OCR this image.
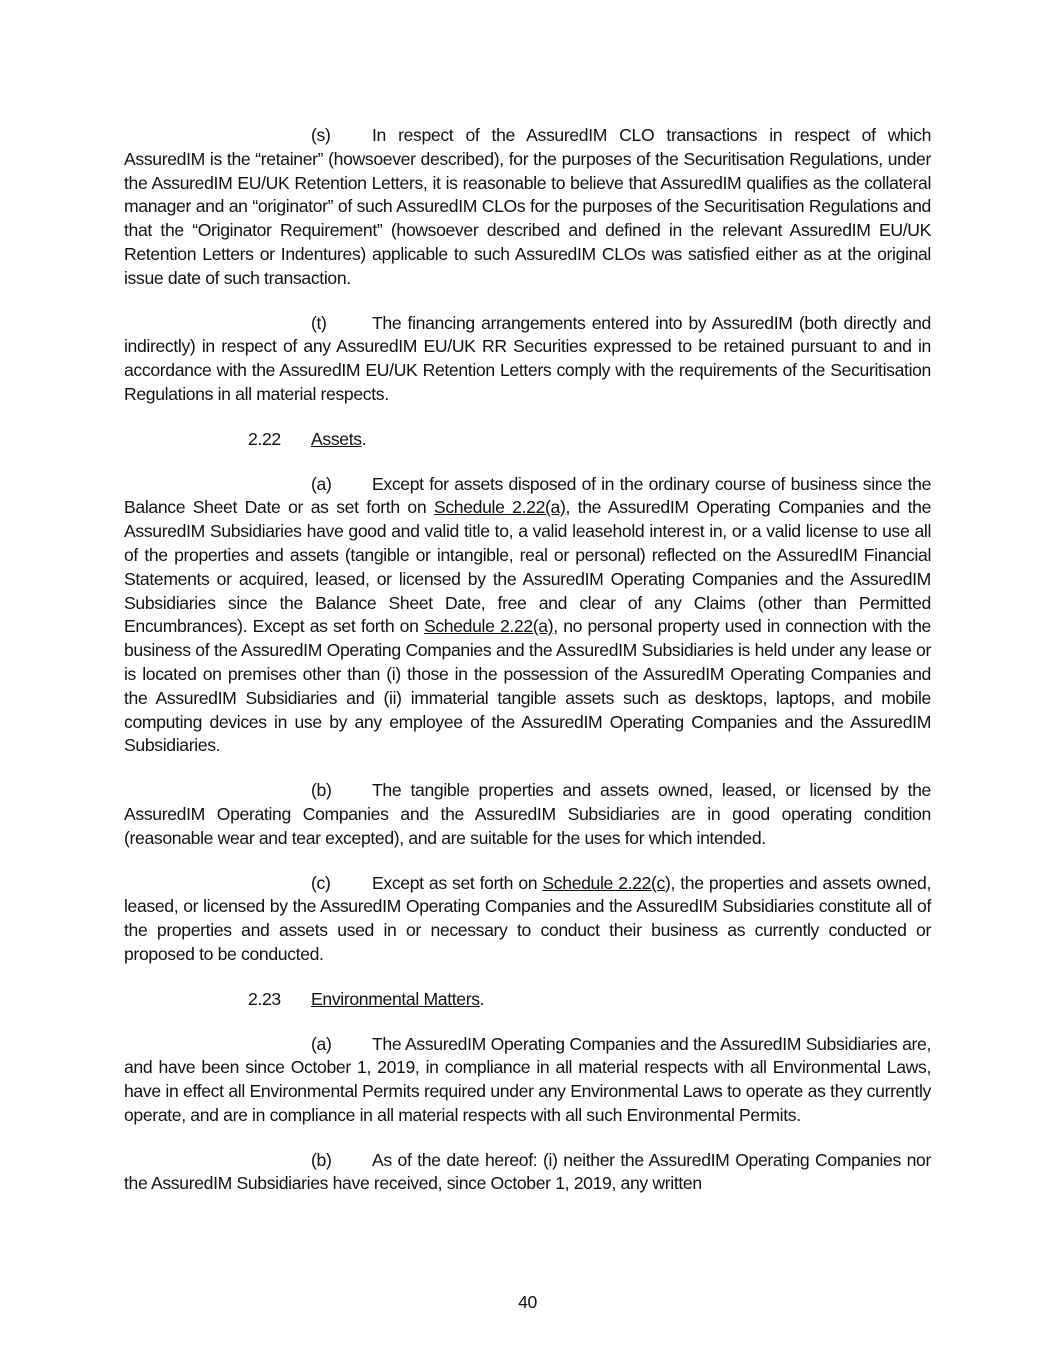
(s) In respect of the AssuredIM CLO transactions in respect of which AssuredIM is the “retainer” (howsoever described), for the purposes of the Securitisation Regulations, under the AssuredIM EU/UK Retention Letters, it is reasonable to believe that AssuredIM qualifies as the collateral manager and an “originator” of such AssuredIM CLOs for the purposes of the Securitisation Regulations and that the “Originator Requirement” (howsoever described and defined in the relevant AssuredIM EU/UK Retention Letters or Indentures) applicable to such AssuredIM CLOs was satisfied either as at the original issue date of such transaction.

(t)	The financing arrangements entered into by AssuredIM (both directly and indirectly) in respect of any AssuredIM EU/UK RR Securities expressed to be retained pursuant to and in accordance with the AssuredIM EU/UK Retention Letters comply with the requirements of the Securitisation Regulations in all material respects.

2.22 Assets.

(a) Except for assets disposed of in the ordinary course of business since the Balance Sheet Date or as set forth on Schedule 2.22(a), the AssuredIM Operating Companies and the AssuredIM Subsidiaries have good and valid title to, a valid leasehold interest in, or a valid license to use all of the properties and assets (tangible or intangible, real or personal) reflected on the AssuredIM Financial Statements or acquired, leased, or licensed by the AssuredIM Operating Companies and the AssuredIM Subsidiaries since the Balance Sheet Date, free and clear of any Claims (other than Permitted Encumbrances). Except as set forth on Schedule 2.22(a), no personal property used in connection with the business of the AssuredIM Operating Companies and the AssuredIM Subsidiaries is held under any lease or is located on premises other than (i) those in the possession of the AssuredIM Operating Companies and the AssuredIM Subsidiaries and (ii) immaterial tangible assets such as desktops, laptops, and mobile computing devices in use by any employee of the AssuredIM Operating Companies and the AssuredIM Subsidiaries.

(b) The tangible properties and assets owned, leased, or licensed by the AssuredIM Operating Companies and the AssuredIM Subsidiaries are in good operating condition (reasonable wear and tear excepted), and are suitable for the uses for which intended.

(c) Except as set forth on Schedule 2.22(c), the properties and assets owned, leased, or licensed by the AssuredIM Operating Companies and the AssuredIM Subsidiaries constitute all of the properties and assets used in or necessary to conduct their business as currently conducted or proposed to be conducted.

2.23 Environmental Matters.

(a) The AssuredIM Operating Companies and the AssuredIM Subsidiaries are, and have been since October 1, 2019, in compliance in all material respects with all Environmental Laws, have in effect all Environmental Permits required under any Environmental Laws to operate as they currently operate, and are in compliance in all material respects with all such Environmental Permits.

(b) As of the date hereof: (i) neither the AssuredIM Operating Companies nor the AssuredIM Subsidiaries have received, since October 1, 2019, any written

40
